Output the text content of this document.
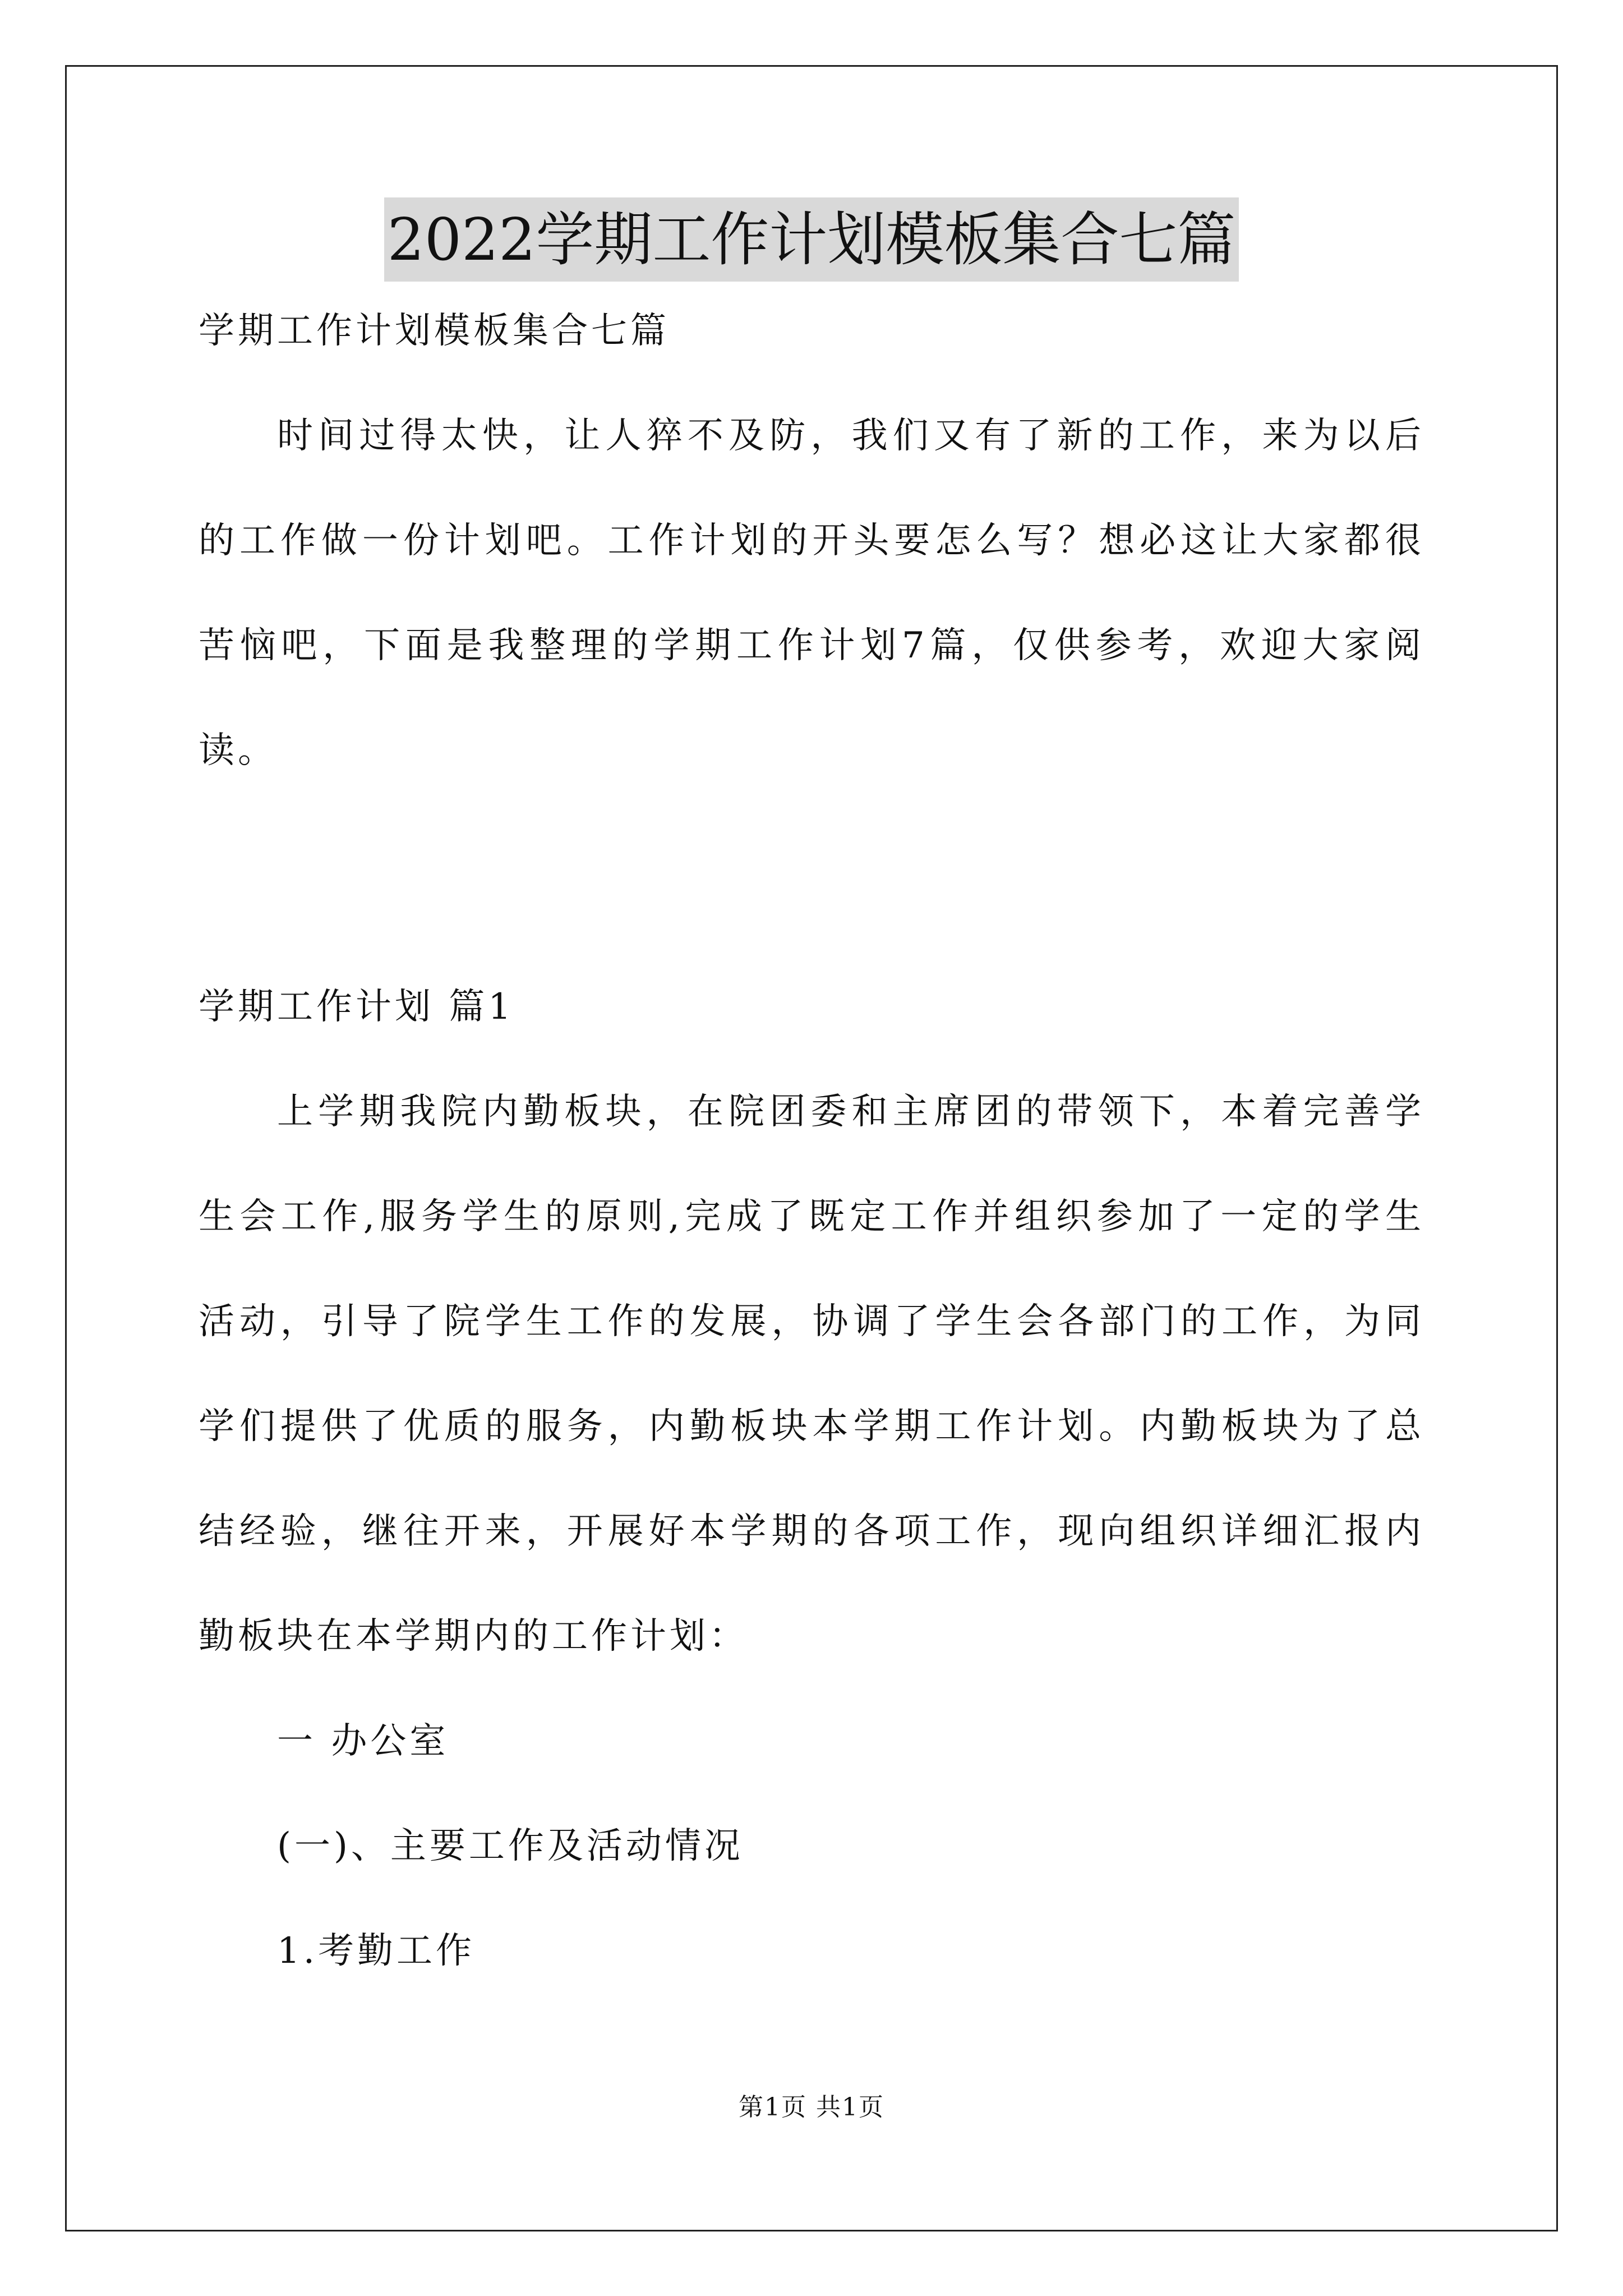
2022学期工作计划模板集合七篇
学期工作计划模板集合七篇
时间过得太快，让人猝不及防，我们又有了新的工作，来为以后
的工作做一份计划吧。工作计划的开头要怎么写？想必这让大家都很
苦恼吧，下面是我整理的学期工作计划7篇，仅供参考，欢迎大家阅
读。
学期工作计划 篇1
上学期我院内勤板块，在院团委和主席团的带领下，本着完善学
生会工作,服务学生的原则,完成了既定工作并组织参加了一定的学生
活动，引导了院学生工作的发展，协调了学生会各部门的工作，为同
学们提供了优质的服务，内勤板块本学期工作计划。内勤板块为了总
结经验，继往开来，开展好本学期的各项工作，现向组织详细汇报内
勤板块在本学期内的工作计划：
一 办公室
(一)、主要工作及活动情况
1.考勤工作
第1页 共1页
